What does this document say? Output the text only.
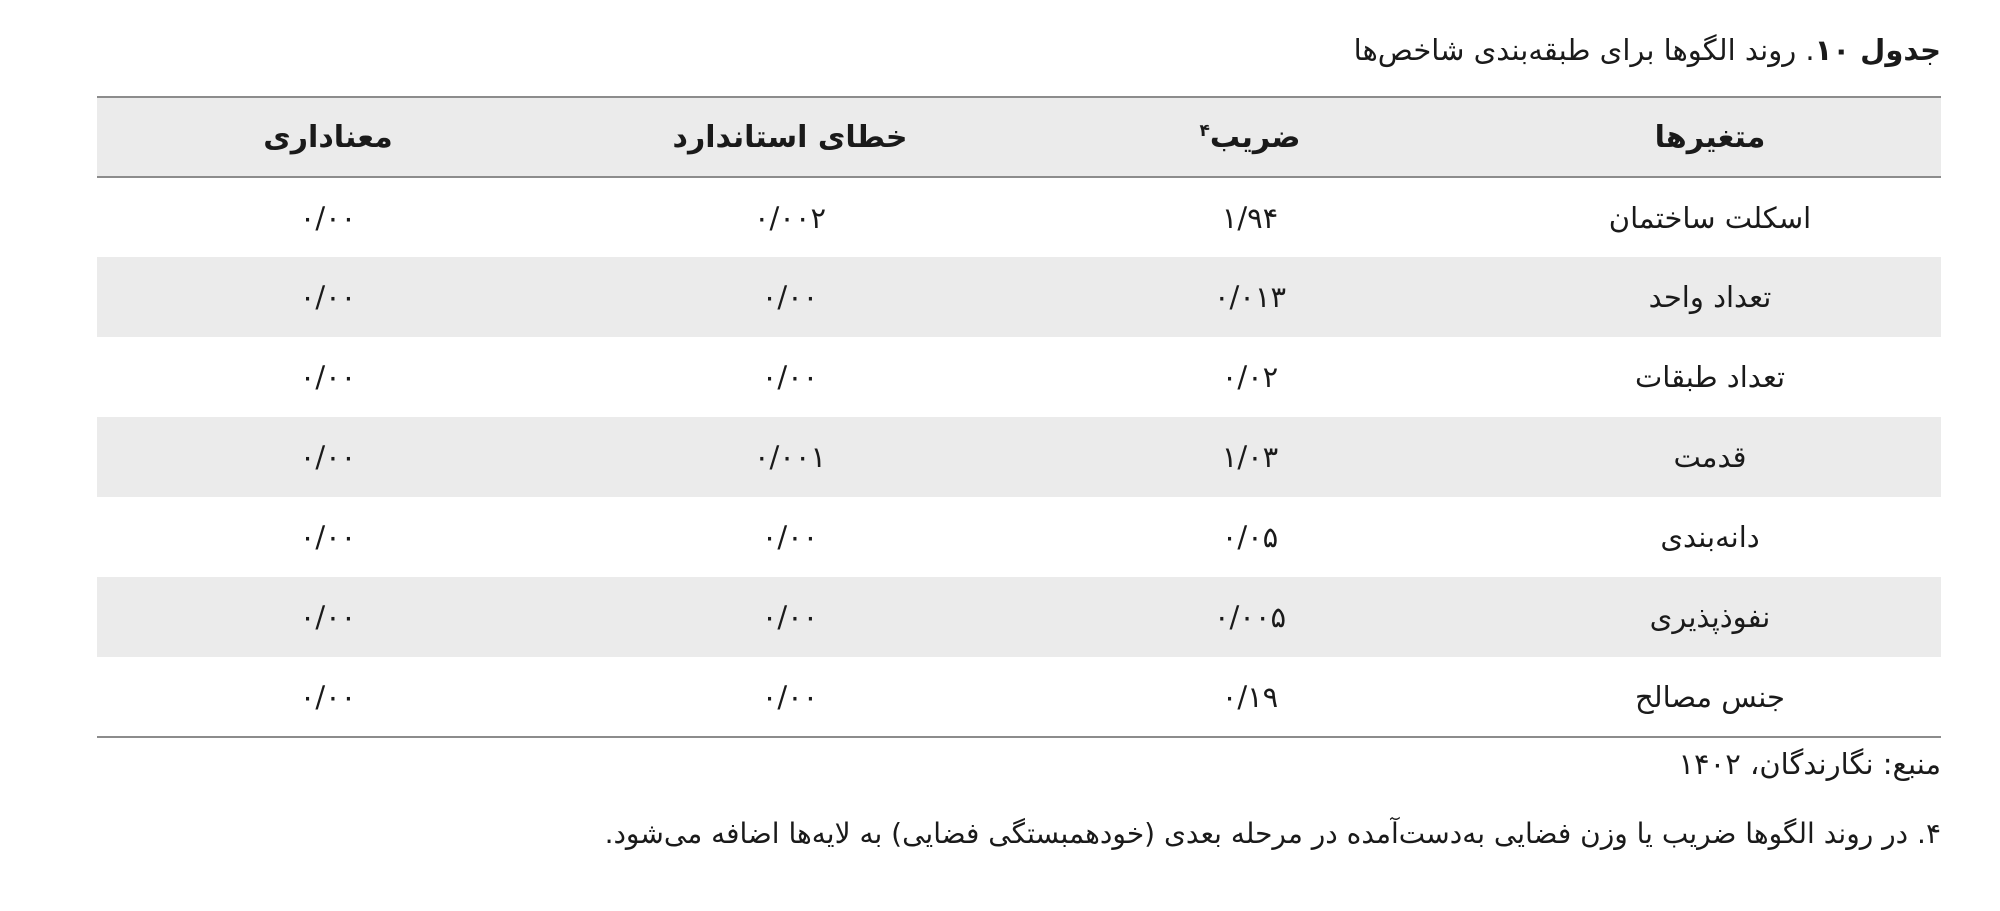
جدول ۱۰. روند الگوها برای طبقه‌بندی شاخص‌ها
متغیرها	ضریب$^۴$	خطای استاندارد	معناداری
اسکلت ساختمان	۱/۹۴	۰/۰۰۲	۰/۰۰
تعداد واحد	۰/۰۱۳	۰/۰۰	۰/۰۰
تعداد طبقات	۰/۰۲	۰/۰۰	۰/۰۰
قدمت	۱/۰۳	۰/۰۰۱	۰/۰۰
دانه‌بندی	۰/۰۵	۰/۰۰	۰/۰۰
نفوذپذیری	۰/۰۰۵	۰/۰۰	۰/۰۰
جنس مصالح	۰/۱۹	۰/۰۰	۰/۰۰
منبع: نگارندگان، ۱۴۰۲
۴. در روند الگوها ضریب یا وزن فضایی به‌دست‌آمده در مرحله بعدی (خودهمبستگی فضایی) به لایه‌ها اضافه می‌شود.
